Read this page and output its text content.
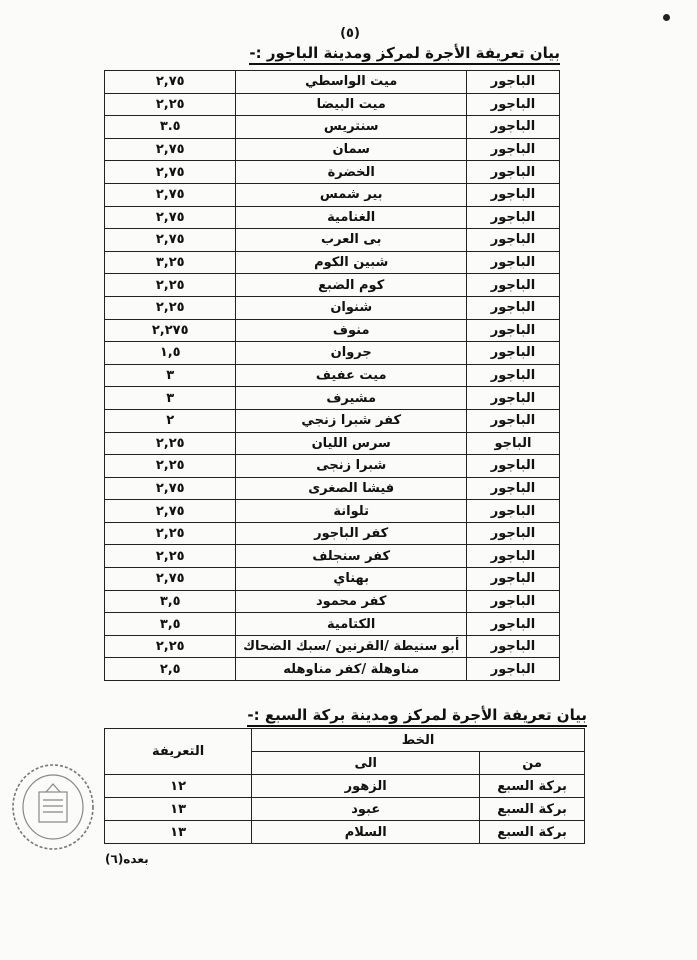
(٥)
بيان تعريفة الأجرة لمركز ومدينة الباجور :-
الباجور	ميت الواسطي	٢,٧٥
الباجور	ميت البيضا	٢,٢٥
الباجور	سنتريس	٣.٥
الباجور	سمان	٢,٧٥
الباجور	الخضرة	٢,٧٥
الباجور	بير شمس	٢,٧٥
الباجور	الغنامية	٢,٧٥
الباجور	بى العرب	٢,٧٥
الباجور	شبين الكوم	٣,٢٥
الباجور	كوم الضبع	٢,٢٥
الباجور	شنوان	٢,٢٥
الباجور	منوف	٢,٢٧٥
الباجور	جروان	١,٥
الباجور	ميت عفيف	٣
الباجور	مشيرف	٣
الباجور	كفر شبرا زنجي	٢
الباجو	سرس الليان	٢,٢٥
الباجور	شبرا زنجى	٢,٢٥
الباجور	فيشا الصغرى	٢,٧٥
الباجور	تلوانة	٢,٧٥
الباجور	كفر الباجور	٢,٢٥
الباجور	كفر سنجلف	٢,٢٥
الباجور	بهناي	٢,٧٥
الباجور	كفر محمود	٣,٥
الباجور	الكتامية	٣,٥
الباجور	أبو سنيطة /القرنين /سبك الضحاك	٢,٢٥
الباجور	مناوهلة /كفر مناوهله	٢,٥
بيان تعريفة الأجرة لمركز ومدينة بركة السبع :-
الخط		التعريفة
من	الى	
بركة السبع	الزهور	١٢
بركة السبع	عبود	١٣
بركة السبع	السلام	١٣
بعده(٦)
